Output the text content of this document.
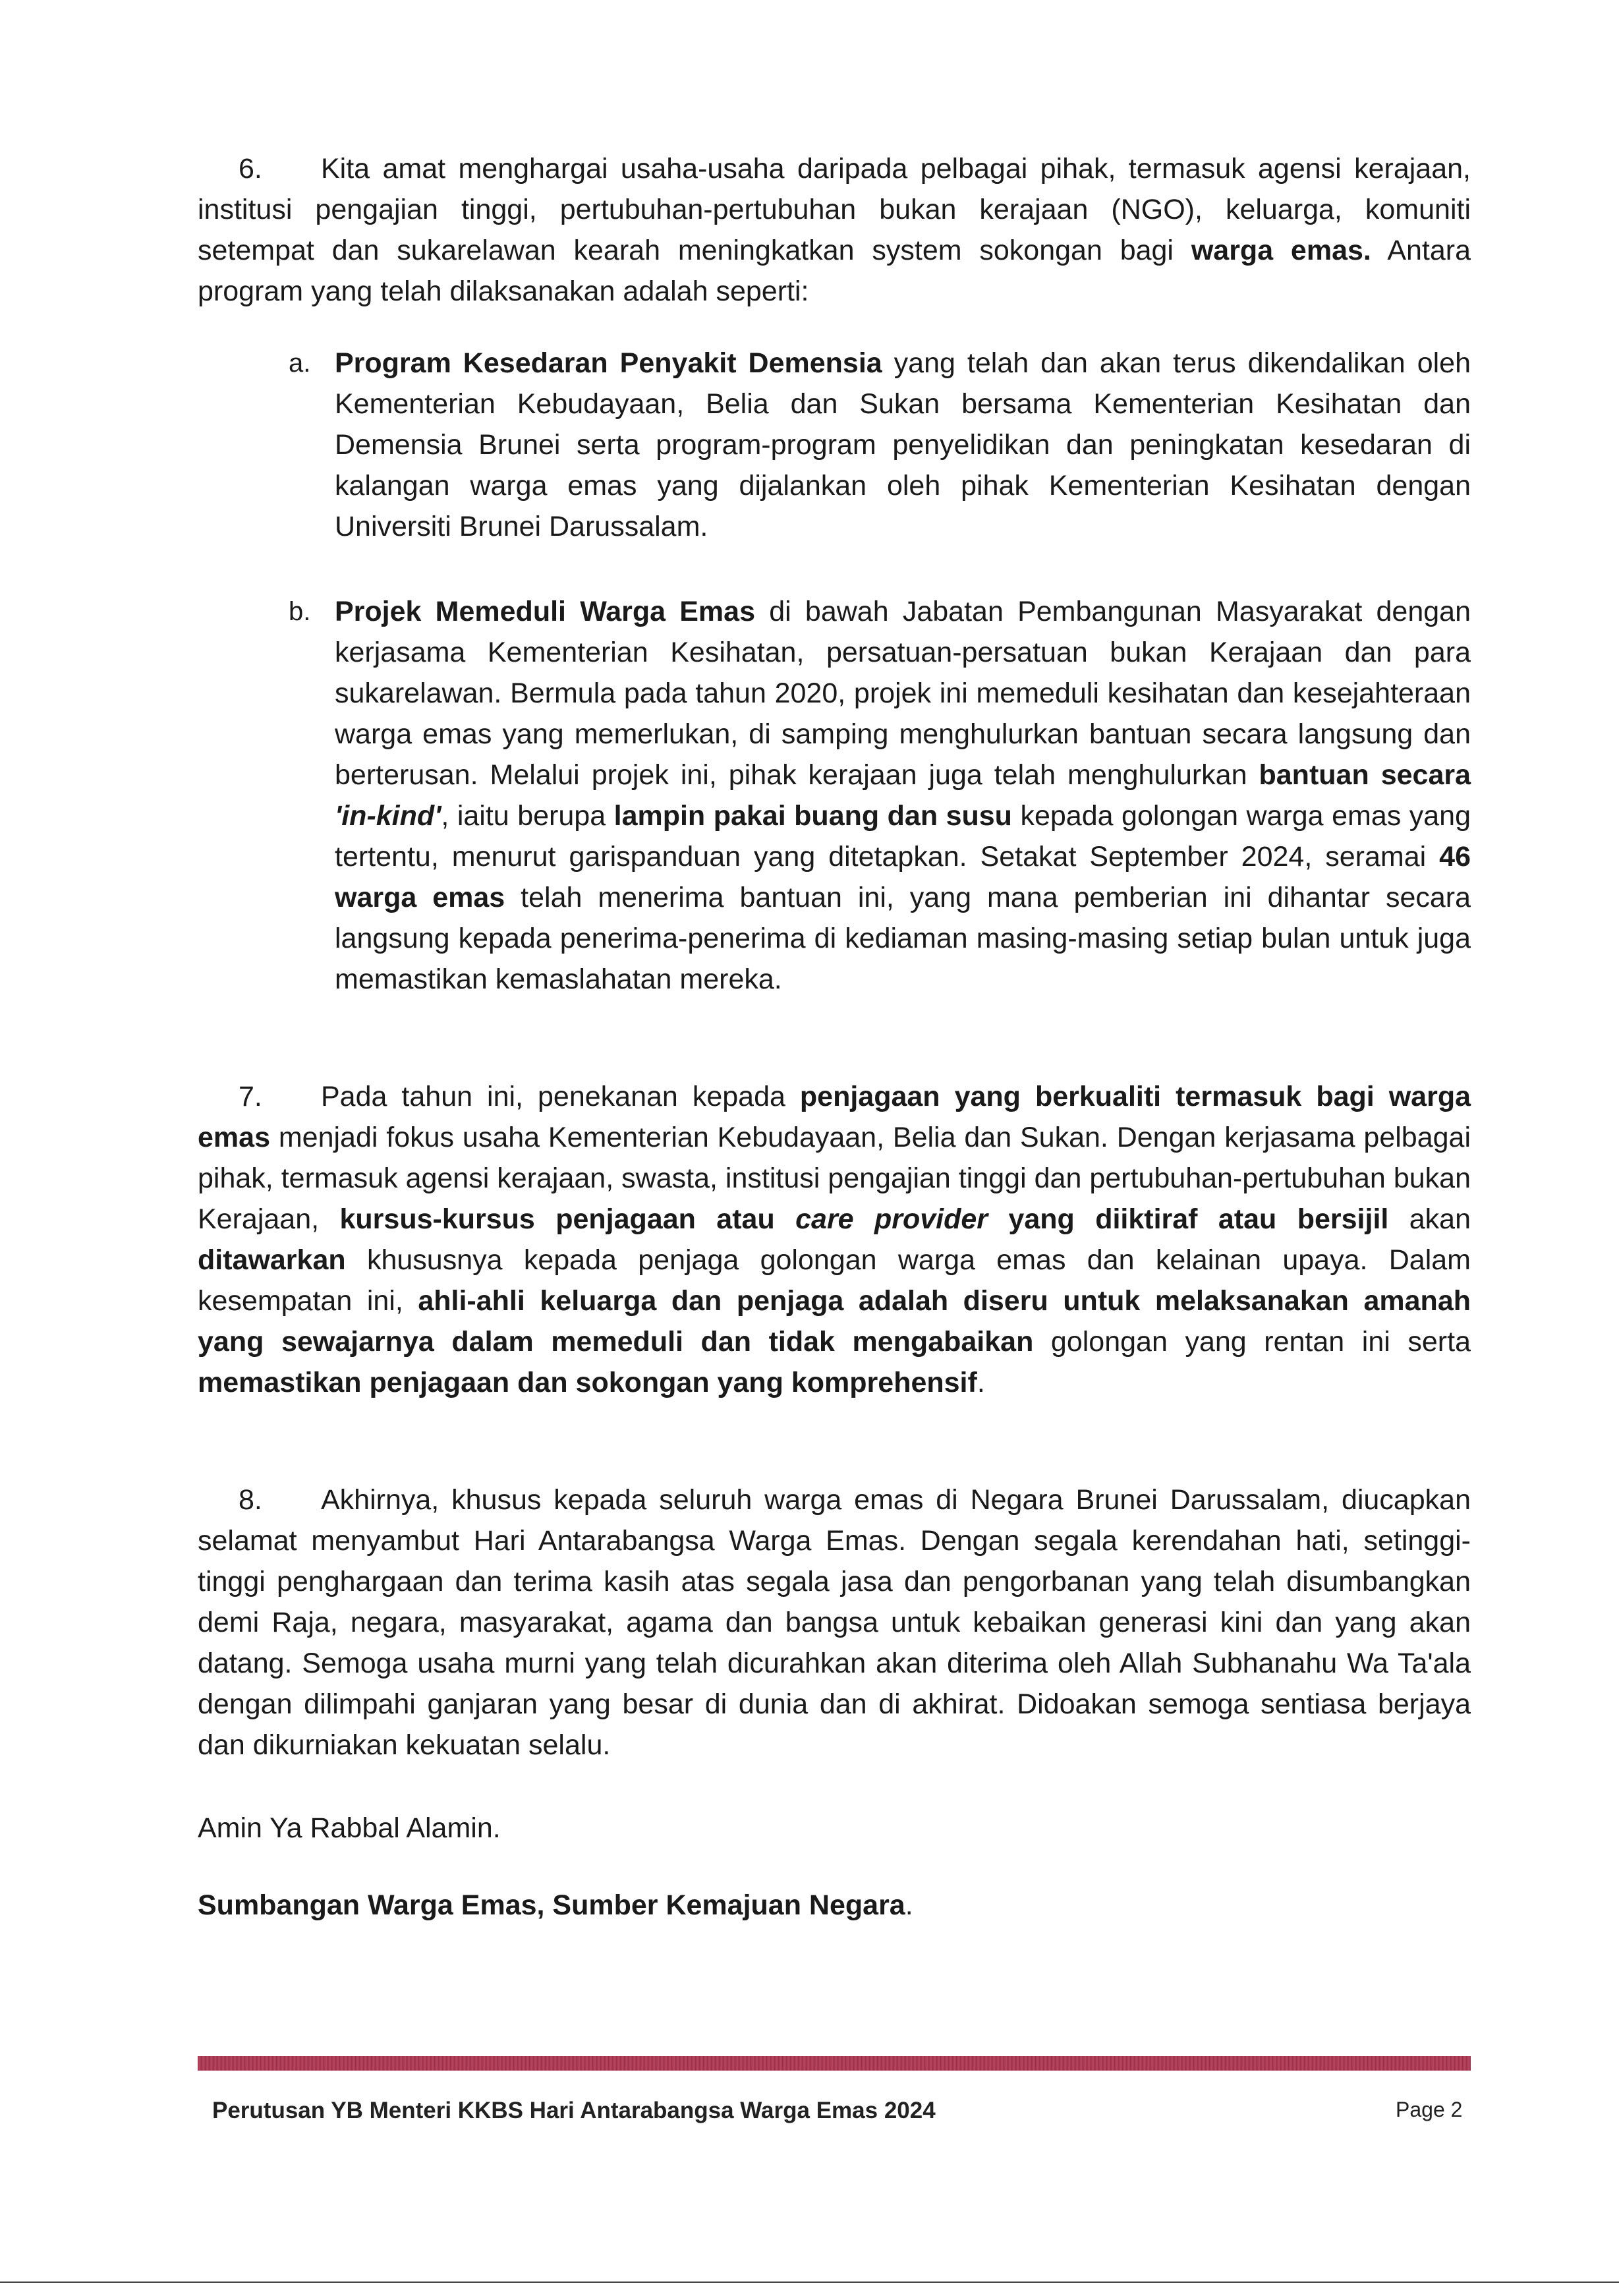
6. Kita amat menghargai usaha-usaha daripada pelbagai pihak, termasuk agensi kerajaan, institusi pengajian tinggi, pertubuhan-pertubuhan bukan kerajaan (NGO), keluarga, komuniti setempat dan sukarelawan kearah meningkatkan system sokongan bagi warga emas. Antara program yang telah dilaksanakan adalah seperti:

a. Program Kesedaran Penyakit Demensia yang telah dan akan terus dikendalikan oleh Kementerian Kebudayaan, Belia dan Sukan bersama Kementerian Kesihatan dan Demensia Brunei serta program-program penyelidikan dan peningkatan kesedaran di kalangan warga emas yang dijalankan oleh pihak Kementerian Kesihatan dengan Universiti Brunei Darussalam.
b. Projek Memeduli Warga Emas di bawah Jabatan Pembangunan Masyarakat dengan kerjasama Kementerian Kesihatan, persatuan-persatuan bukan Kerajaan dan para sukarelawan. Bermula pada tahun 2020, projek ini memeduli kesihatan dan kesejahteraan warga emas yang memerlukan, di samping menghulurkan bantuan secara langsung dan berterusan. Melalui projek ini, pihak kerajaan juga telah menghulurkan bantuan secara 'in-kind', iaitu berupa lampin pakai buang dan susu kepada golongan warga emas yang tertentu, menurut garispanduan yang ditetapkan. Setakat September 2024, seramai 46 warga emas telah menerima bantuan ini, yang mana pemberian ini dihantar secara langsung kepada penerima-penerima di kediaman masing-masing setiap bulan untuk juga memastikan kemaslahatan mereka.

7. Pada tahun ini, penekanan kepada penjagaan yang berkualiti termasuk bagi warga emas menjadi fokus usaha Kementerian Kebudayaan, Belia dan Sukan. Dengan kerjasama pelbagai pihak, termasuk agensi kerajaan, swasta, institusi pengajian tinggi dan pertubuhan-pertubuhan bukan Kerajaan, kursus-kursus penjagaan atau care provider yang diiktiraf atau bersijil akan ditawarkan khususnya kepada penjaga golongan warga emas dan kelainan upaya. Dalam kesempatan ini, ahli-ahli keluarga dan penjaga adalah diseru untuk melaksanakan amanah yang sewajarnya dalam memeduli dan tidak mengabaikan golongan yang rentan ini serta memastikan penjagaan dan sokongan yang komprehensif.

8. Akhirnya, khusus kepada seluruh warga emas di Negara Brunei Darussalam, diucapkan selamat menyambut Hari Antarabangsa Warga Emas. Dengan segala kerendahan hati, setinggi-tinggi penghargaan dan terima kasih atas segala jasa dan pengorbanan yang telah disumbangkan demi Raja, negara, masyarakat, agama dan bangsa untuk kebaikan generasi kini dan yang akan datang. Semoga usaha murni yang telah dicurahkan akan diterima oleh Allah Subhanahu Wa Ta'ala dengan dilimpahi ganjaran yang besar di dunia dan di akhirat. Didoakan semoga sentiasa berjaya dan dikurniakan kekuatan selalu.

Amin Ya Rabbal Alamin.

Sumbangan Warga Emas, Sumber Kemajuan Negara.

Perutusan YB Menteri KKBS Hari Antarabangsa Warga Emas 2024	Page 2
